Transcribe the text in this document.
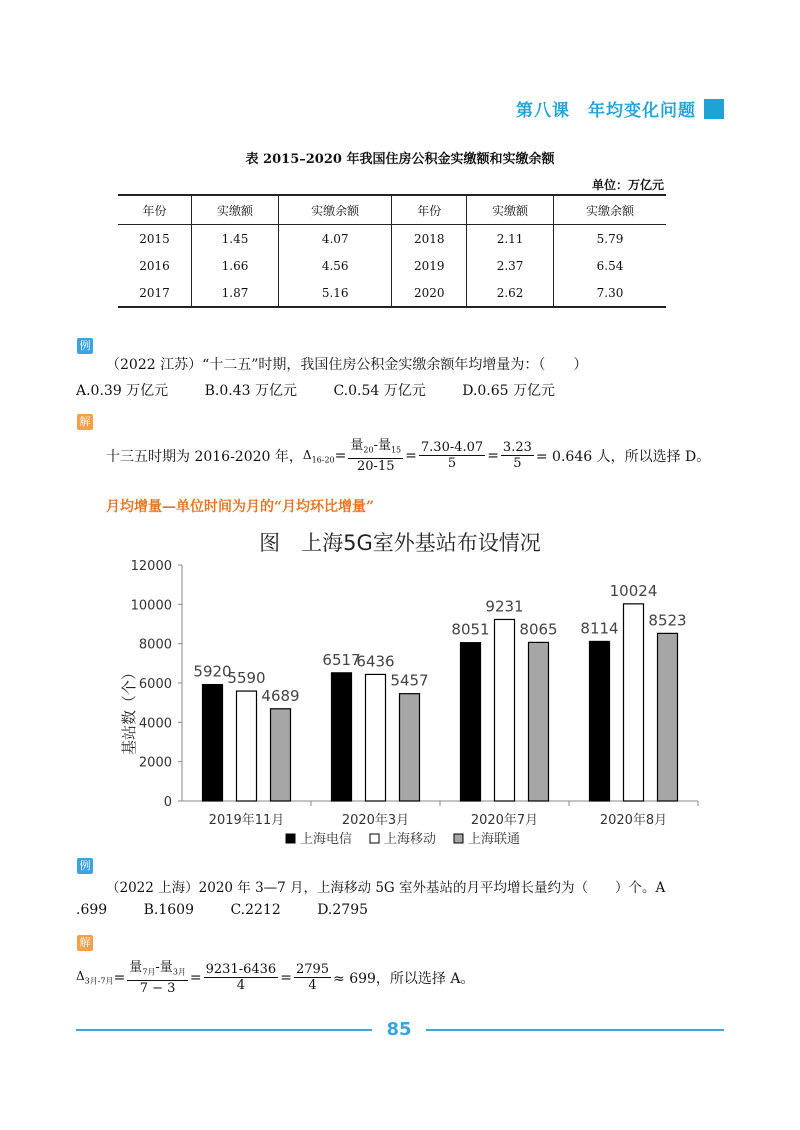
第八课　年均变化问题
表 2015–2020 年我国住房公积金实缴额和实缴余额
单位：万亿元
年份	实缴额	实缴余额	年份	实缴额	实缴余额
2015	1.45	4.07	2018	2.11	5.79
2016	1.66	4.56	2019	2.37	6.54
2017	1.87	5.16	2020	2.62	7.30
例
（2022 江苏）“十二五”时期，我国住房公积金实缴余额年均增量为：（　　）
A.0.39 万亿元	B.0.43 万亿元	C.0.54 万亿元	D.0.65 万亿元
解
十三五时期为 2016-2020 年， $\Delta_{16-20} = \frac{量_{20}-量_{15}}{20-15} = \frac{7.30-4.07}{5} = \frac{3.23}{5} = 0.646$ 人，所以选择 D。
月均增量—单位时间为月的“月均环比增量”
图　上海5G室外基站布设情况
基站数（个）
0
2000
4000
6000
8000
10000
12000
2019年11月	2020年3月	2020年7月	2020年8月
5920
5590
4689
6517
6436
5457
8051
9231
8065 8114
10024
8523
上海电信 上海移动 上海联通
例
（2022 上海）2020 年 3—7 月，上海移动 5G 室外基站的月平均增长量约为（　　）个。A
.699	B.1609	C.2212	D.2795
解
$\Delta_{3月-7月} = \frac{量_{7月}-量_{3月}}{7 - 3} = \frac{9231-6436}{4} = \frac{2795}{4} \approx 699$，所以选择 A。
85
